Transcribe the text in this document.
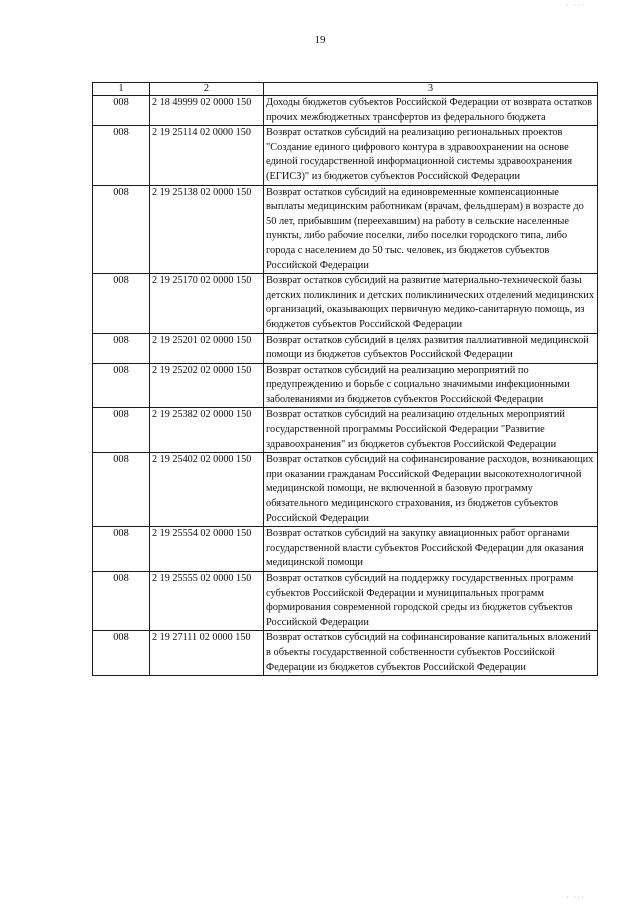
· ···
19
1	2	3
008	2 18 49999 02 0000 150	Доходы бюджетов субъектов Российской Федерации от возврата остатков прочих межбюджетных трансфертов из федерального бюджета
008	2 19 25114 02 0000 150	Возврат остатков субсидий на реализацию региональных проектов "Создание единого цифрового контура в здравоохранении на основе единой государственной информационной системы здравоохранения (ЕГИСЗ)" из бюджетов субъектов Российской Федерации
008	2 19 25138 02 0000 150	Возврат остатков субсидий на единовременные компенсационные выплаты медицинским работникам (врачам, фельдшерам) в возрасте до 50 лет, прибывшим (переехавшим) на работу в сельские населенные пункты, либо рабочие поселки, либо поселки городского типа, либо города с населением до 50 тыс. человек, из бюджетов субъектов Российской Федерации
008	2 19 25170 02 0000 150	Возврат остатков субсидий на развитие материально-технической базы детских поликлиник и детских поликлинических отделений медицинских организаций, оказывающих первичную медико-санитарную помощь, из бюджетов субъектов Российской Федерации
008	2 19 25201 02 0000 150	Возврат остатков субсидий в целях развития паллиативной медицинской помощи из бюджетов субъектов Российской Федерации
008	2 19 25202 02 0000 150	Возврат остатков субсидий на реализацию мероприятий по предупреждению и борьбе с социально значимыми инфекционными заболеваниями из бюджетов субъектов Российской Федерации
008	2 19 25382 02 0000 150	Возврат остатков субсидий на реализацию отдельных мероприятий государственной программы Российской Федерации "Развитие здравоохранения" из бюджетов субъектов Российской Федерации
008	2 19 25402 02 0000 150	Возврат остатков субсидий на софинансирование расходов, возникающих при оказании гражданам Российской Федерации высокотехнологичной медицинской помощи, не включенной в базовую программу обязательного медицинского страхования, из бюджетов субъектов Российской Федерации
008	2 19 25554 02 0000 150	Возврат остатков субсидий на закупку авиационных работ органами государственной власти субъектов Российской Федерации для оказания медицинской помощи
008	2 19 25555 02 0000 150	Возврат остатков субсидий на поддержку государственных программ субъектов Российской Федерации и муниципальных программ формирования современной городской среды из бюджетов субъектов Российской Федерации
008	2 19 27111 02 0000 150	Возврат остатков субсидий на софинансирование капитальных вложений в объекты государственной собственности субъектов Российской Федерации из бюджетов субъектов Российской Федерации
· ···
